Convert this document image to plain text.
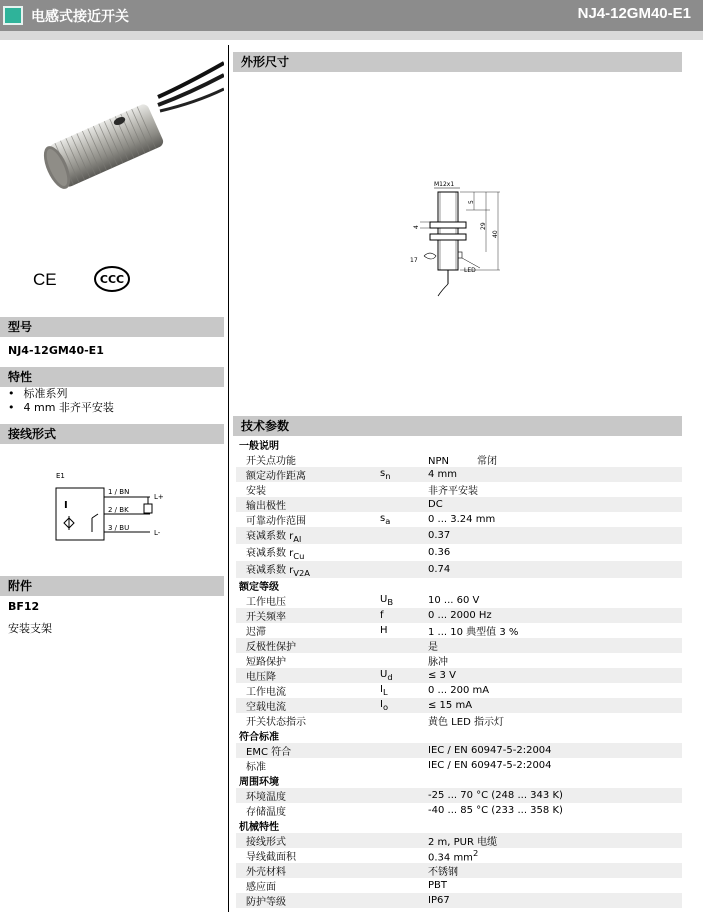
电感式接近开关	NJ4-12GM40-E1
CE	CCC
型号
NJ4-12GM40-E1
特性
• 标准系列
• 4 mm 非齐平安装
接线形式
E1
I
1 / BN
2 / BK
3 / BU
L+
L-
附件
BF12
安装支架
外形尺寸
M12x1
LED
5
29
40
4
17
技术参数
一般说明		
开关点功能		NPN 常闭
额定动作距离	$s_n$	4 mm
安装		非齐平安装
输出极性		DC
可靠动作范围	$s_a$	0 ... 3.24 mm
衰减系数 $r_{Al}$		0.37
衰减系数 $r_{Cu}$		0.36
衰减系数 $r_{V2A}$		0.74
额定等级		
工作电压	$U_B$	10 ... 60 V
开关频率	f	0 ... 2000 Hz
迟滞	H	1 ... 10 典型值 3 %
反极性保护		是
短路保护		脉冲
电压降	$U_d$	≤ 3 V
工作电流	$I_L$	0 ... 200 mA
空载电流	$I_o$	≤ 15 mA
开关状态指示		黄色 LED 指示灯
符合标准		
EMC 符合		IEC / EN 60947-5-2:2004
标准		IEC / EN 60947-5-2:2004
周围环境		
环境温度		-25 ... 70 °C (248 ... 343 K)
存储温度		-40 ... 85 °C (233 ... 358 K)
机械特性		
接线形式		2 m, PUR 电缆
导线截面积		0.34 $mm^2$
外壳材料		不锈钢
感应面		PBT
防护等级		IP67
